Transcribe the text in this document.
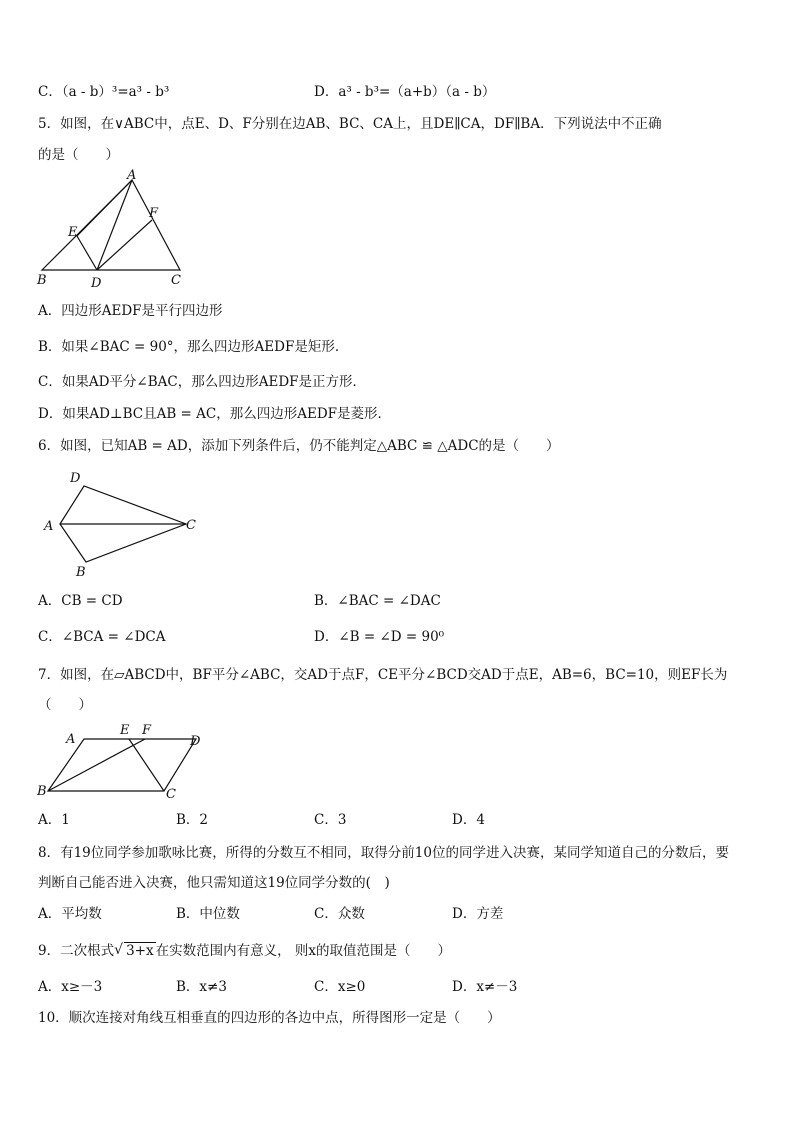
C．（a - b）³=a³ - b³	D．a³ - b³=（a+b）（a - b）
5．如图，在∨ABC中，点E、D、F分别在边AB、BC、CA上，且DE∥CA，DF∥BA．下列说法中不正确
的是（　　）
A
B	C
D
E
F
A．四边形AEDF是平行四边形
B．如果∠BAC = 90°，那么四边形AEDF是矩形．
C．如果AD平分∠BAC，那么四边形AEDF是正方形．
D．如果AD⊥BC且AB = AC，那么四边形AEDF是菱形．
6．如图，已知AB = AD，添加下列条件后，仍不能判定△ABC ≌ △ADC的是（　　）
D
A	C
B
A．CB = CD	B．∠BAC = ∠DAC
C．∠BCA = ∠DCA	D．∠B = ∠D = 90⁰
7．如图，在▱ABCD中，BF平分∠ABC，交AD于点F，CE平分∠BCD交AD于点E，AB=6，BC=10，则EF长为
（　　）
A
E F
D
B	C
A．1	B．2	C．3	D．4
8．有19位同学参加歌咏比赛，所得的分数互不相同，取得分前10位的同学进入决赛，某同学知道自己的分数后，要
判断自己能否进入决赛，他只需知道这19位同学分数的(　)
A．平均数	B．中位数	C．众数	D．方差
9．二次根式√ 3+x 在实数范围内有意义， 则x的取值范围是（　　）
A．x≥－3	B．x≠3	C．x≥0	D．x≠－3
10．顺次连接对角线互相垂直的四边形的各边中点，所得图形一定是（　　）
